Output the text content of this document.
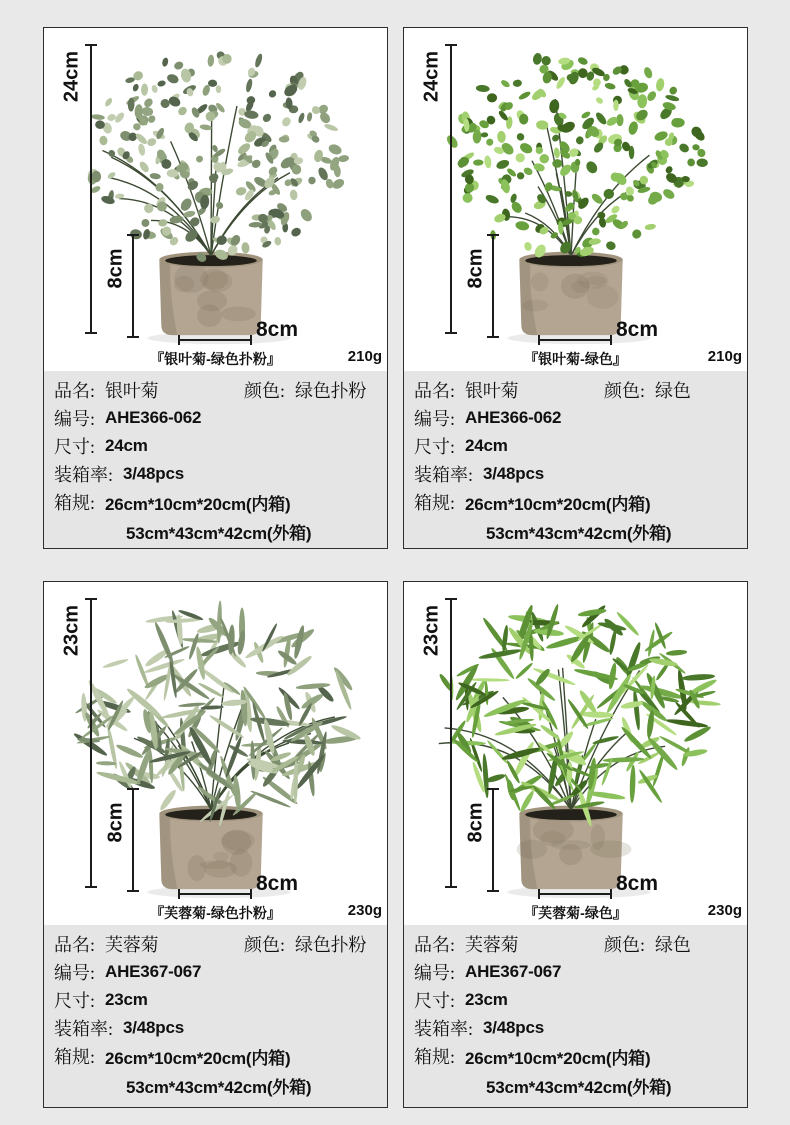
24cm
8cm
8cm
『银叶菊-绿色扑粉』	210g
品名: 银叶菊	颜色: 绿色扑粉
编号: AHE366-062
尺寸: 24cm
装箱率: 3/48pcs
箱规: 26cm*10cm*20cm(内箱)
53cm*43cm*42cm(外箱)
24cm
8cm
8cm
『银叶菊-绿色』	210g
品名: 银叶菊	颜色: 绿色
编号: AHE366-062
尺寸: 24cm
装箱率: 3/48pcs
箱规: 26cm*10cm*20cm(内箱)
53cm*43cm*42cm(外箱)
23cm
8cm
8cm
『芙蓉菊-绿色扑粉』	230g
品名: 芙蓉菊	颜色: 绿色扑粉
编号: AHE367-067
尺寸: 23cm
装箱率: 3/48pcs
箱规: 26cm*10cm*20cm(内箱)
53cm*43cm*42cm(外箱)
23cm
8cm
8cm
『芙蓉菊-绿色』	230g
品名: 芙蓉菊	颜色: 绿色
编号: AHE367-067
尺寸: 23cm
装箱率: 3/48pcs
箱规: 26cm*10cm*20cm(内箱)
53cm*43cm*42cm(外箱)
